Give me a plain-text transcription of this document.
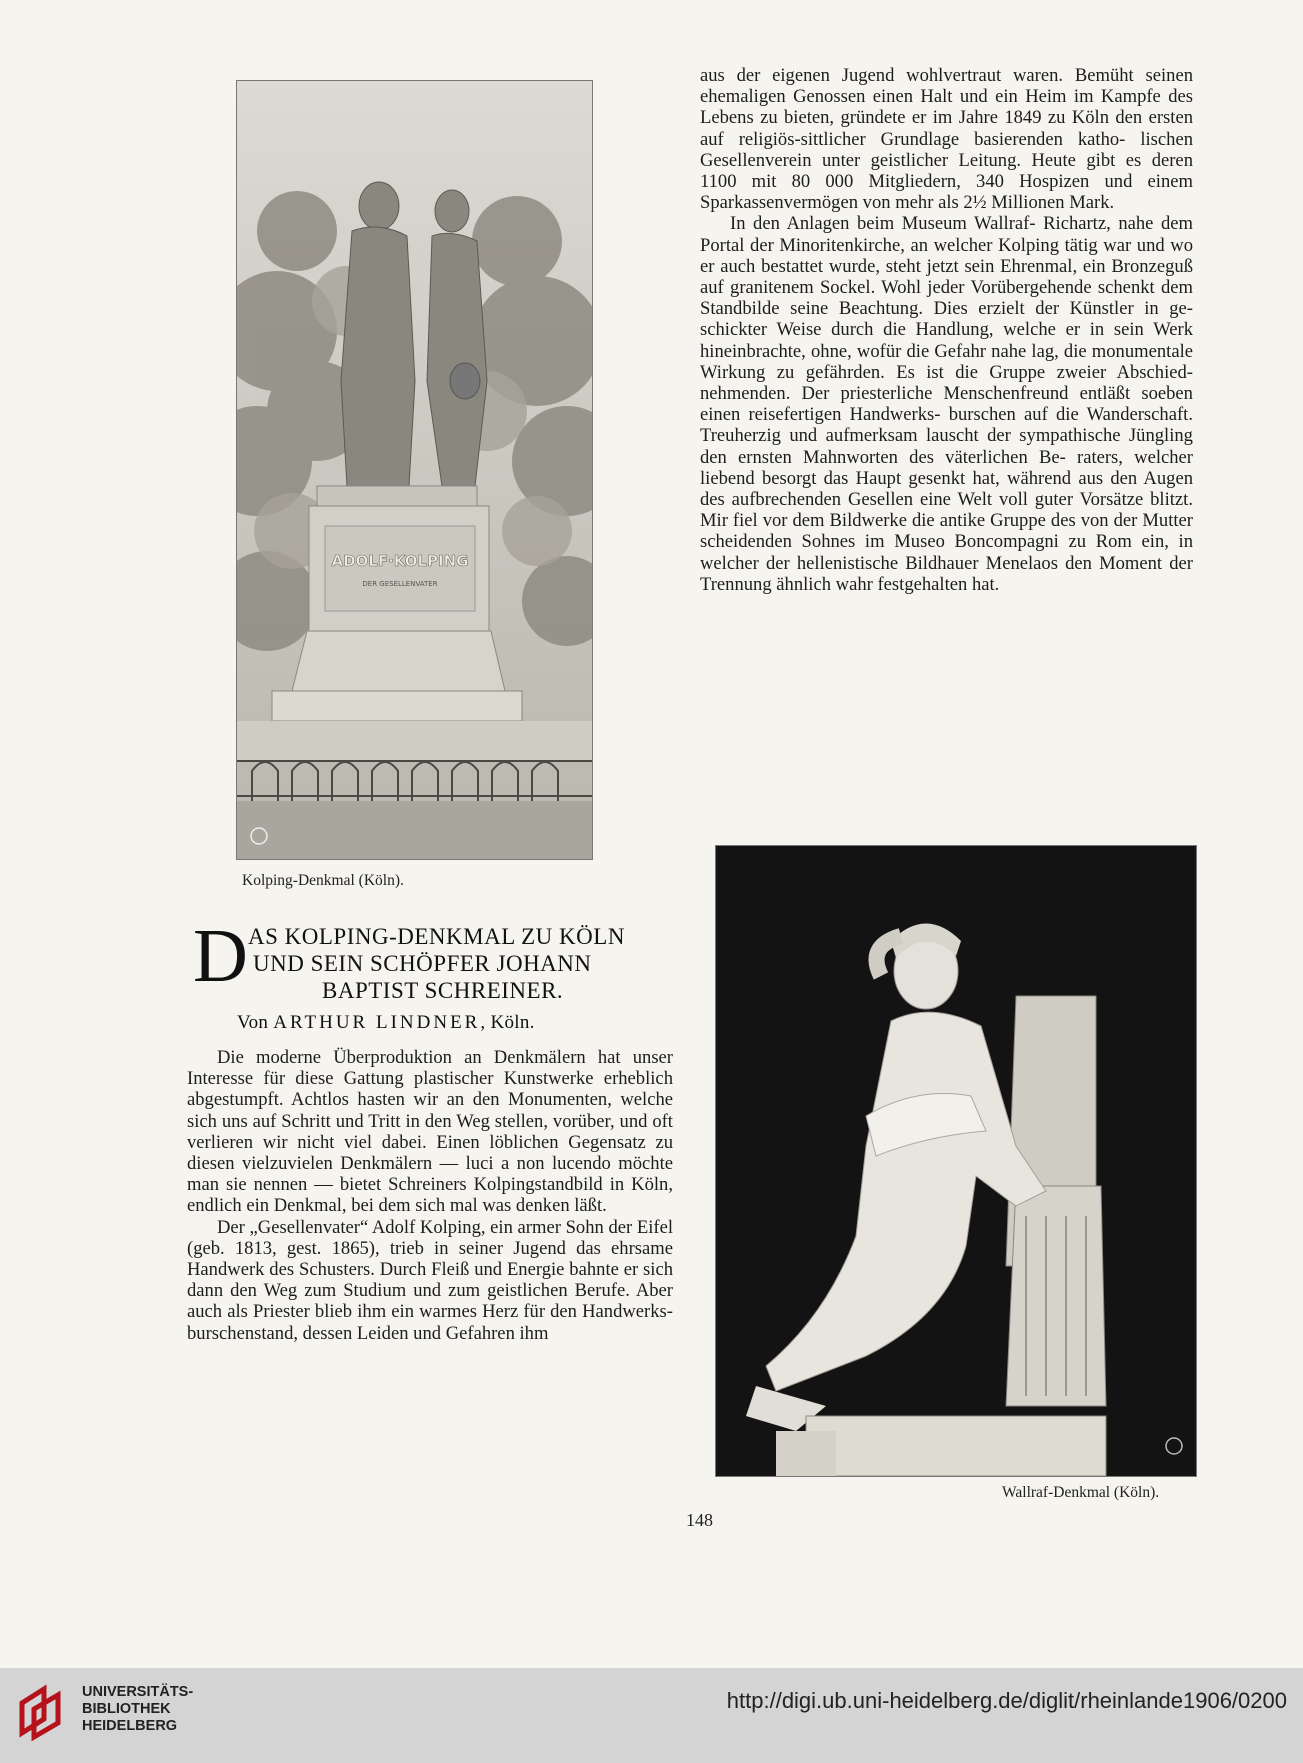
ADOLF·KOLPING
DER GESELLENVATER
Kolping-Denkmal (Köln).

aus der eigenen Jugend wohlvertraut waren. Bemüht seinen ehemaligen Genossen einen Halt und ein Heim im Kampfe des Lebens zu bieten, gründete er im Jahre 1849 zu Köln den ersten auf religiös-sittlicher Grundlage basierenden katho- lischen Gesellenverein unter geistlicher Leitung. Heute gibt es deren 1100 mit 80 000 Mitgliedern, 340 Hospizen und einem Sparkassenvermögen von mehr als 2½ Millionen Mark.

In den Anlagen beim Museum Wallraf- Richartz, nahe dem Portal der Minoritenkirche, an welcher Kolping tätig war und wo er auch bestattet wurde, steht jetzt sein Ehrenmal, ein Bronzeguß auf granitenem Sockel. Wohl jeder Vorübergehende schenkt dem Standbilde seine Beachtung. Dies erzielt der Künstler in ge- schickter Weise durch die Handlung, welche er in sein Werk hineinbrachte, ohne, wofür die Gefahr nahe lag, die monumentale Wirkung zu gefährden. Es ist die Gruppe zweier Abschied- nehmenden. Der priesterliche Menschenfreund entläßt soeben einen reisefertigen Handwerks- burschen auf die Wanderschaft. Treuherzig und aufmerksam lauscht der sympathische Jüngling den ernsten Mahnworten des väterlichen Be- raters, welcher liebend besorgt das Haupt gesenkt hat, während aus den Augen des aufbrechenden Gesellen eine Welt voll guter Vorsätze blitzt. Mir fiel vor dem Bildwerke die antike Gruppe des von der Mutter scheidenden Sohnes im Museo Boncompagni zu Rom ein, in welcher der hellenistische Bildhauer Menelaos den Moment der Trennung ähnlich wahr festgehalten hat.

Wallraf-Denkmal (Köln).
D AS KOLPING-DENKMAL ZU KÖLN
UND SEIN SCHÖPFER JOHANN
BAPTIST SCHREINER.
Von ARTHUR LINDNER, Köln.

Die moderne Überproduktion an Denkmälern hat unser Interesse für diese Gattung plastischer Kunstwerke erheblich abgestumpft. Achtlos hasten wir an den Monumenten, welche sich uns auf Schritt und Tritt in den Weg stellen, vorüber, und oft verlieren wir nicht viel dabei. Einen löblichen Gegensatz zu diesen vielzuvielen Denkmälern — luci a non lucendo möchte man sie nennen — bietet Schreiners Kolpingstandbild in Köln, endlich ein Denkmal, bei dem sich mal was denken läßt.

Der „Gesellenvater“ Adolf Kolping, ein armer Sohn der Eifel (geb. 1813, gest. 1865), trieb in seiner Jugend das ehrsame Handwerk des Schusters. Durch Fleiß und Energie bahnte er sich dann den Weg zum Studium und zum geistlichen Berufe. Aber auch als Priester blieb ihm ein warmes Herz für den Handwerks- burschenstand, dessen Leiden und Gefahren ihm

148
UNIVERSITÄTS-
BIBLIOTHEK
HEIDELBERG
http://digi.ub.uni-heidelberg.de/diglit/rheinlande1906/0200
